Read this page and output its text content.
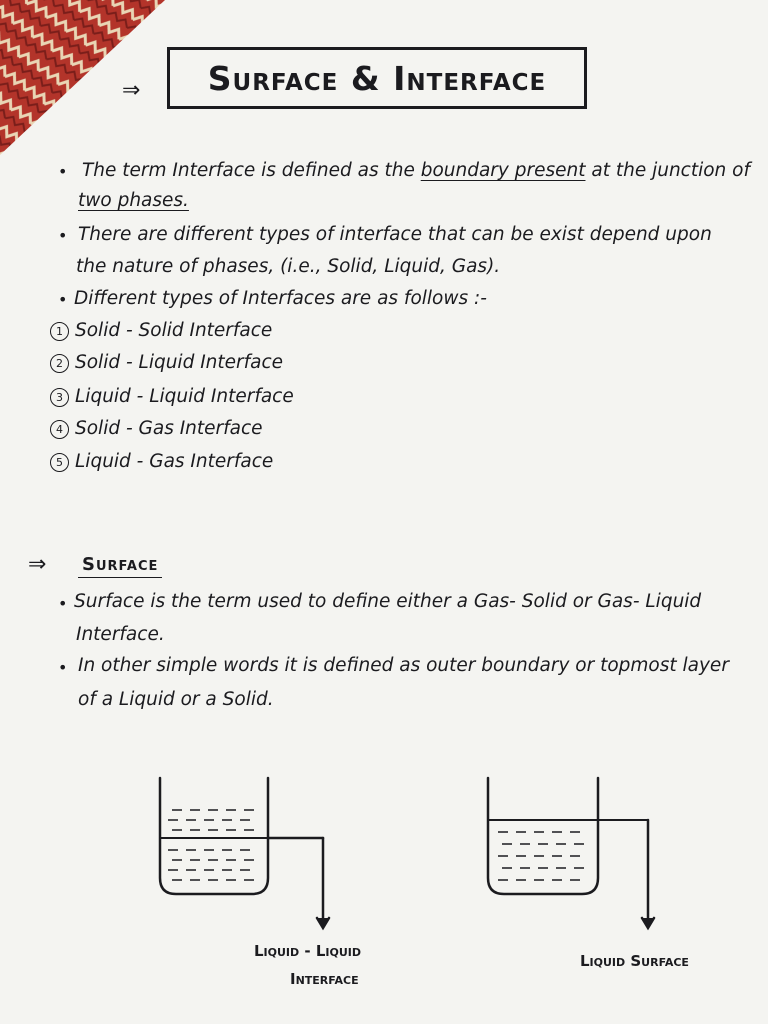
⇒	Surface & Interface
• The term Interface is defined as the boundary present at the junction of
two phases.
• There are different types of interface that can be exist depend upon
the nature of phases, (i.e., Solid, Liquid, Gas).
• Different types of Interfaces are as follows :-
1 Solid - Solid Interface
2 Solid - Liquid Interface
3 Liquid - Liquid Interface
4 Solid - Gas Interface
5 Liquid - Gas Interface
⇒ Surface
• Surface is the term used to define either a Gas- Solid or Gas- Liquid
Interface.
• In other simple words it is defined as outer boundary or topmost layer
of a Liquid or a Solid.
Liquid - Liquid
Interface
Liquid Surface
